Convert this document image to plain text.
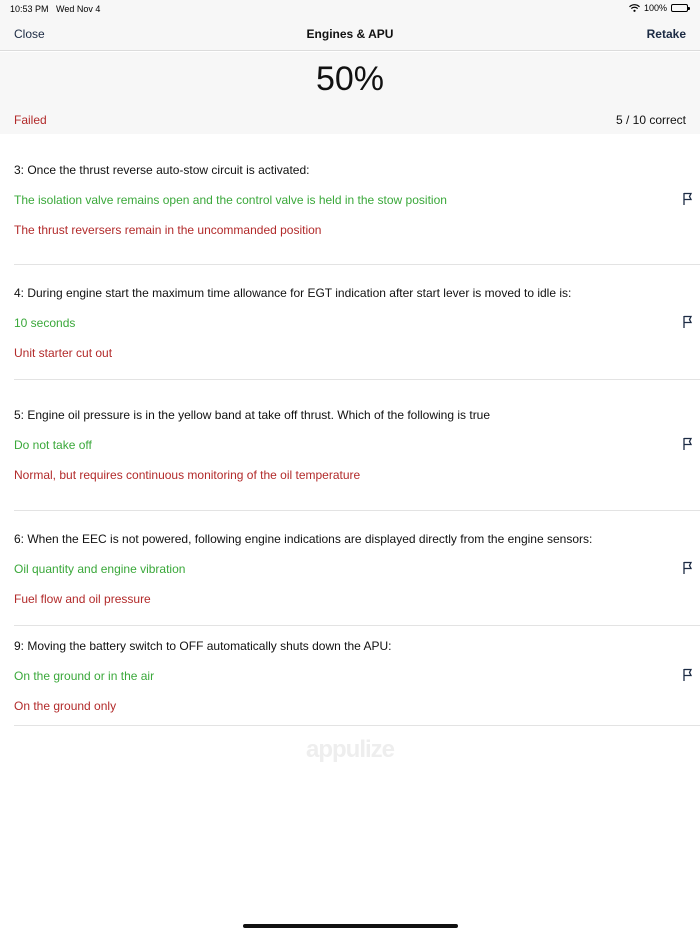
10:53 PM Wed Nov 4	100%
Close	Engines & APU	Retake
50%
Failed	5 / 10 correct
3: Once the thrust reverse auto-stow circuit is activated:
The isolation valve remains open and the control valve is held in the stow position
The thrust reversers remain in the uncommanded position
4: During engine start the maximum time allowance for EGT indication after start lever is moved to idle is:
10 seconds
Unit starter cut out
5: Engine oil pressure is in the yellow band at take off thrust. Which of the following is true
Do not take off
Normal, but requires continuous monitoring of the oil temperature
6: When the EEC is not powered, following engine indications are displayed directly from the engine sensors:
Oil quantity and engine vibration
Fuel flow and oil pressure
9: Moving the battery switch to OFF automatically shuts down the APU:
On the ground or in the air
On the ground only
appulize
